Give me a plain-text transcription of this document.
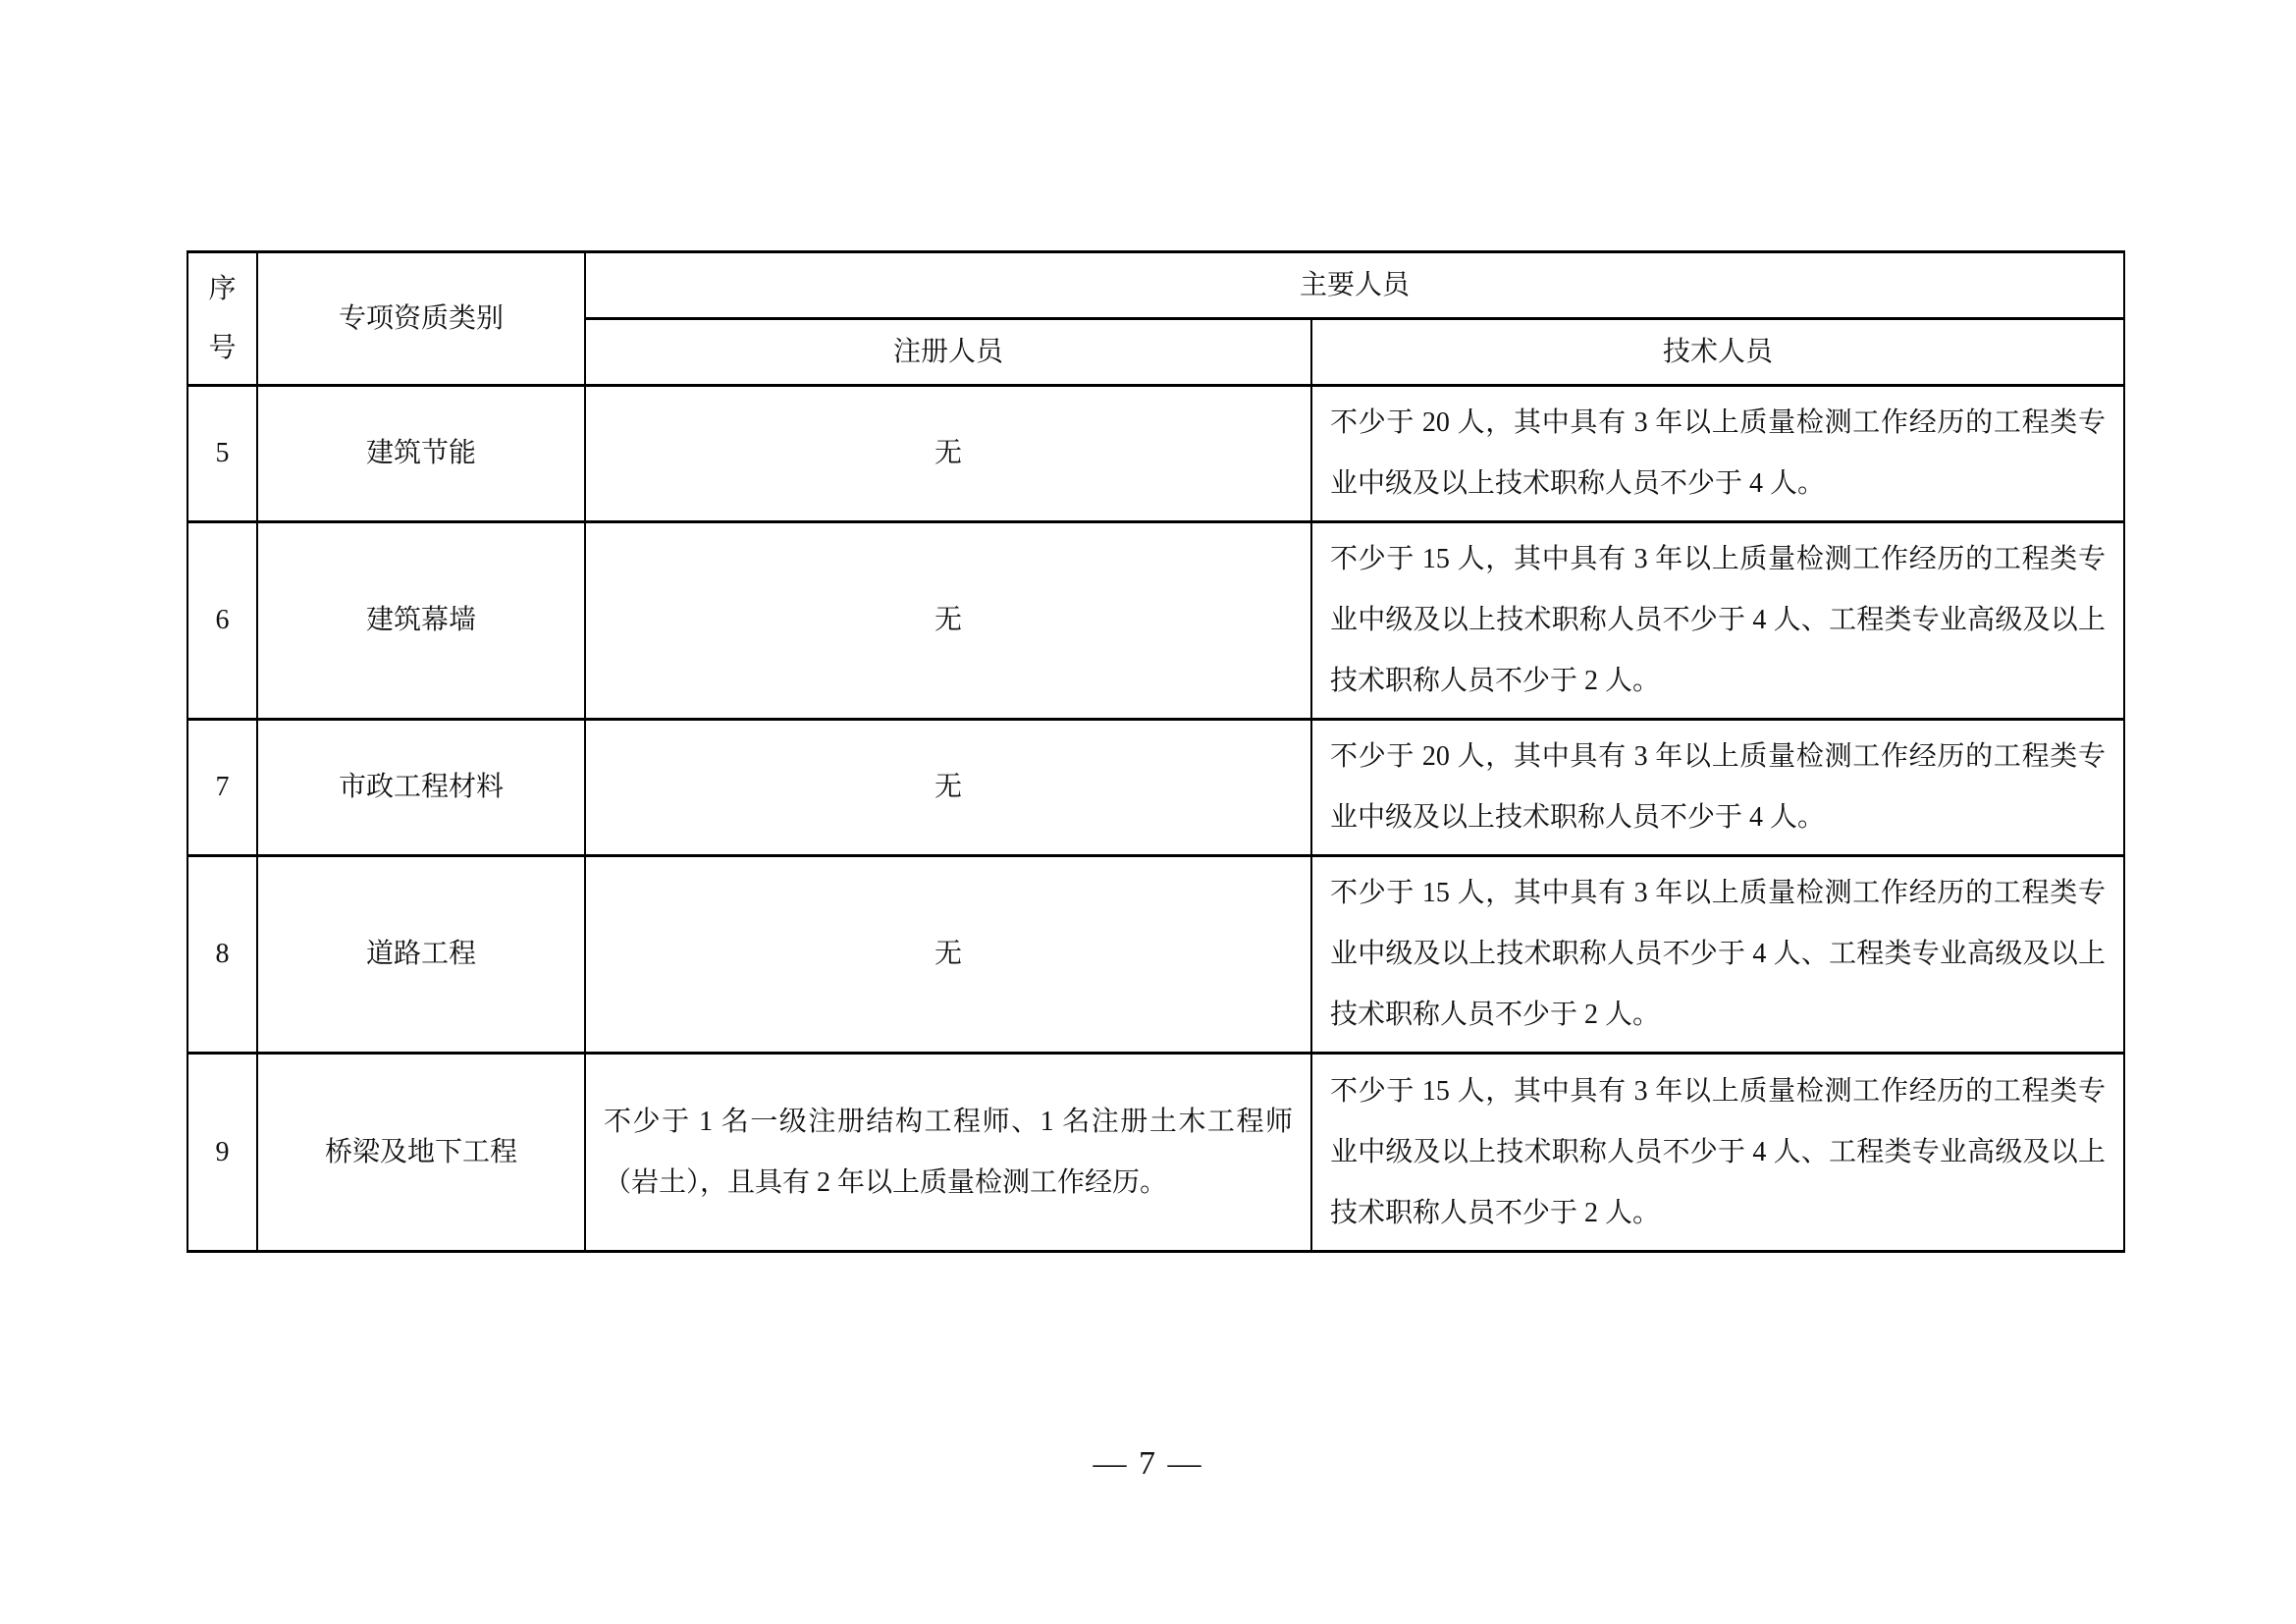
序
号	专项资质类别	主要人员	
		注册人员	技术人员
5	建筑节能	无	不少于 20 人，其中具有 3 年以上质量检测工作经历的工程类专业中级及以上技术职称人员不少于 4 人。
6	建筑幕墙	无	不少于 15 人，其中具有 3 年以上质量检测工作经历的工程类专业中级及以上技术职称人员不少于 4 人、工程类专业高级及以上技术职称人员不少于 2 人。
7	市政工程材料	无	不少于 20 人，其中具有 3 年以上质量检测工作经历的工程类专业中级及以上技术职称人员不少于 4 人。
8	道路工程	无	不少于 15 人，其中具有 3 年以上质量检测工作经历的工程类专业中级及以上技术职称人员不少于 4 人、工程类专业高级及以上技术职称人员不少于 2 人。
9	桥梁及地下工程	不少于 1 名一级注册结构工程师、1 名注册土木工程师（岩土），且具有 2 年以上质量检测工作经历。	不少于 15 人，其中具有 3 年以上质量检测工作经历的工程类专业中级及以上技术职称人员不少于 4 人、工程类专业高级及以上技术职称人员不少于 2 人。
— 7 —
